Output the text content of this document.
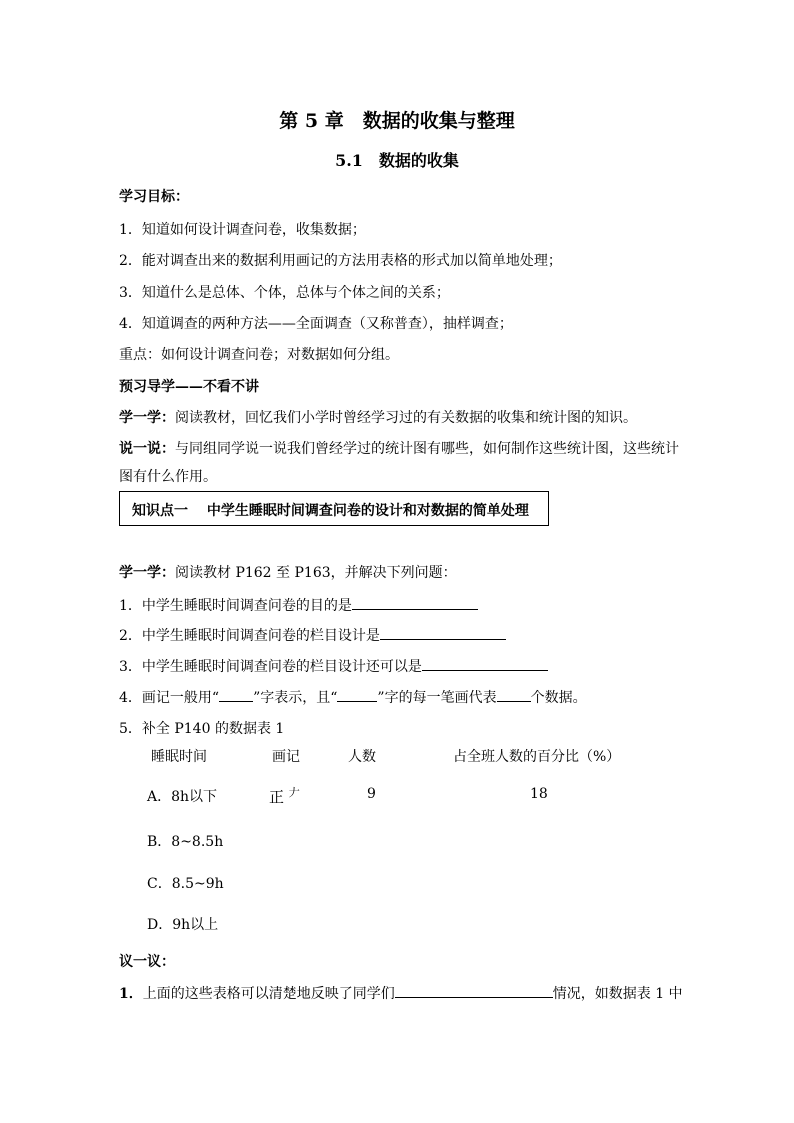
第 5 章　数据的收集与整理
5.1　数据的收集
学习目标：
1．知道如何设计调查问卷，收集数据；
2．能对调查出来的数据利用画记的方法用表格的形式加以简单地处理；
3．知道什么是总体、个体，总体与个体之间的关系；
4．知道调查的两种方法——全面调查（又称普查），抽样调查；
重点：如何设计调查问卷；对数据如何分组。
预习导学——不看不讲
学一学：阅读教材，回忆我们小学时曾经学习过的有关数据的收集和统计图的知识。
说一说：与同组同学说一说我们曾经学过的统计图有哪些，如何制作这些统计图，这些统计
图有什么作用。
知识点一　 中学生睡眠时间调查问卷的设计和对数据的简单处理
学一学：阅读教材 P162 至 P163，并解决下列问题：
1．中学生睡眠时间调查问卷的目的是
2．中学生睡眠时间调查问卷的栏目设计是
3．中学生睡眠时间调查问卷的栏目设计还可以是
4．画记一般用“ ”字表示，且“	”字的每一笔画代表 个数据。
5．补全 P140 的数据表 1
睡眠时间	画记	人数	占全班人数的百分比（%）
A．8h以下	正 $^𠂇$	9	18
B．8~8.5h
C．8.5~9h
D．9h以上
议一议：
1．上面的这些表格可以清楚地反映了同学们	情况，如数据表 1 中
